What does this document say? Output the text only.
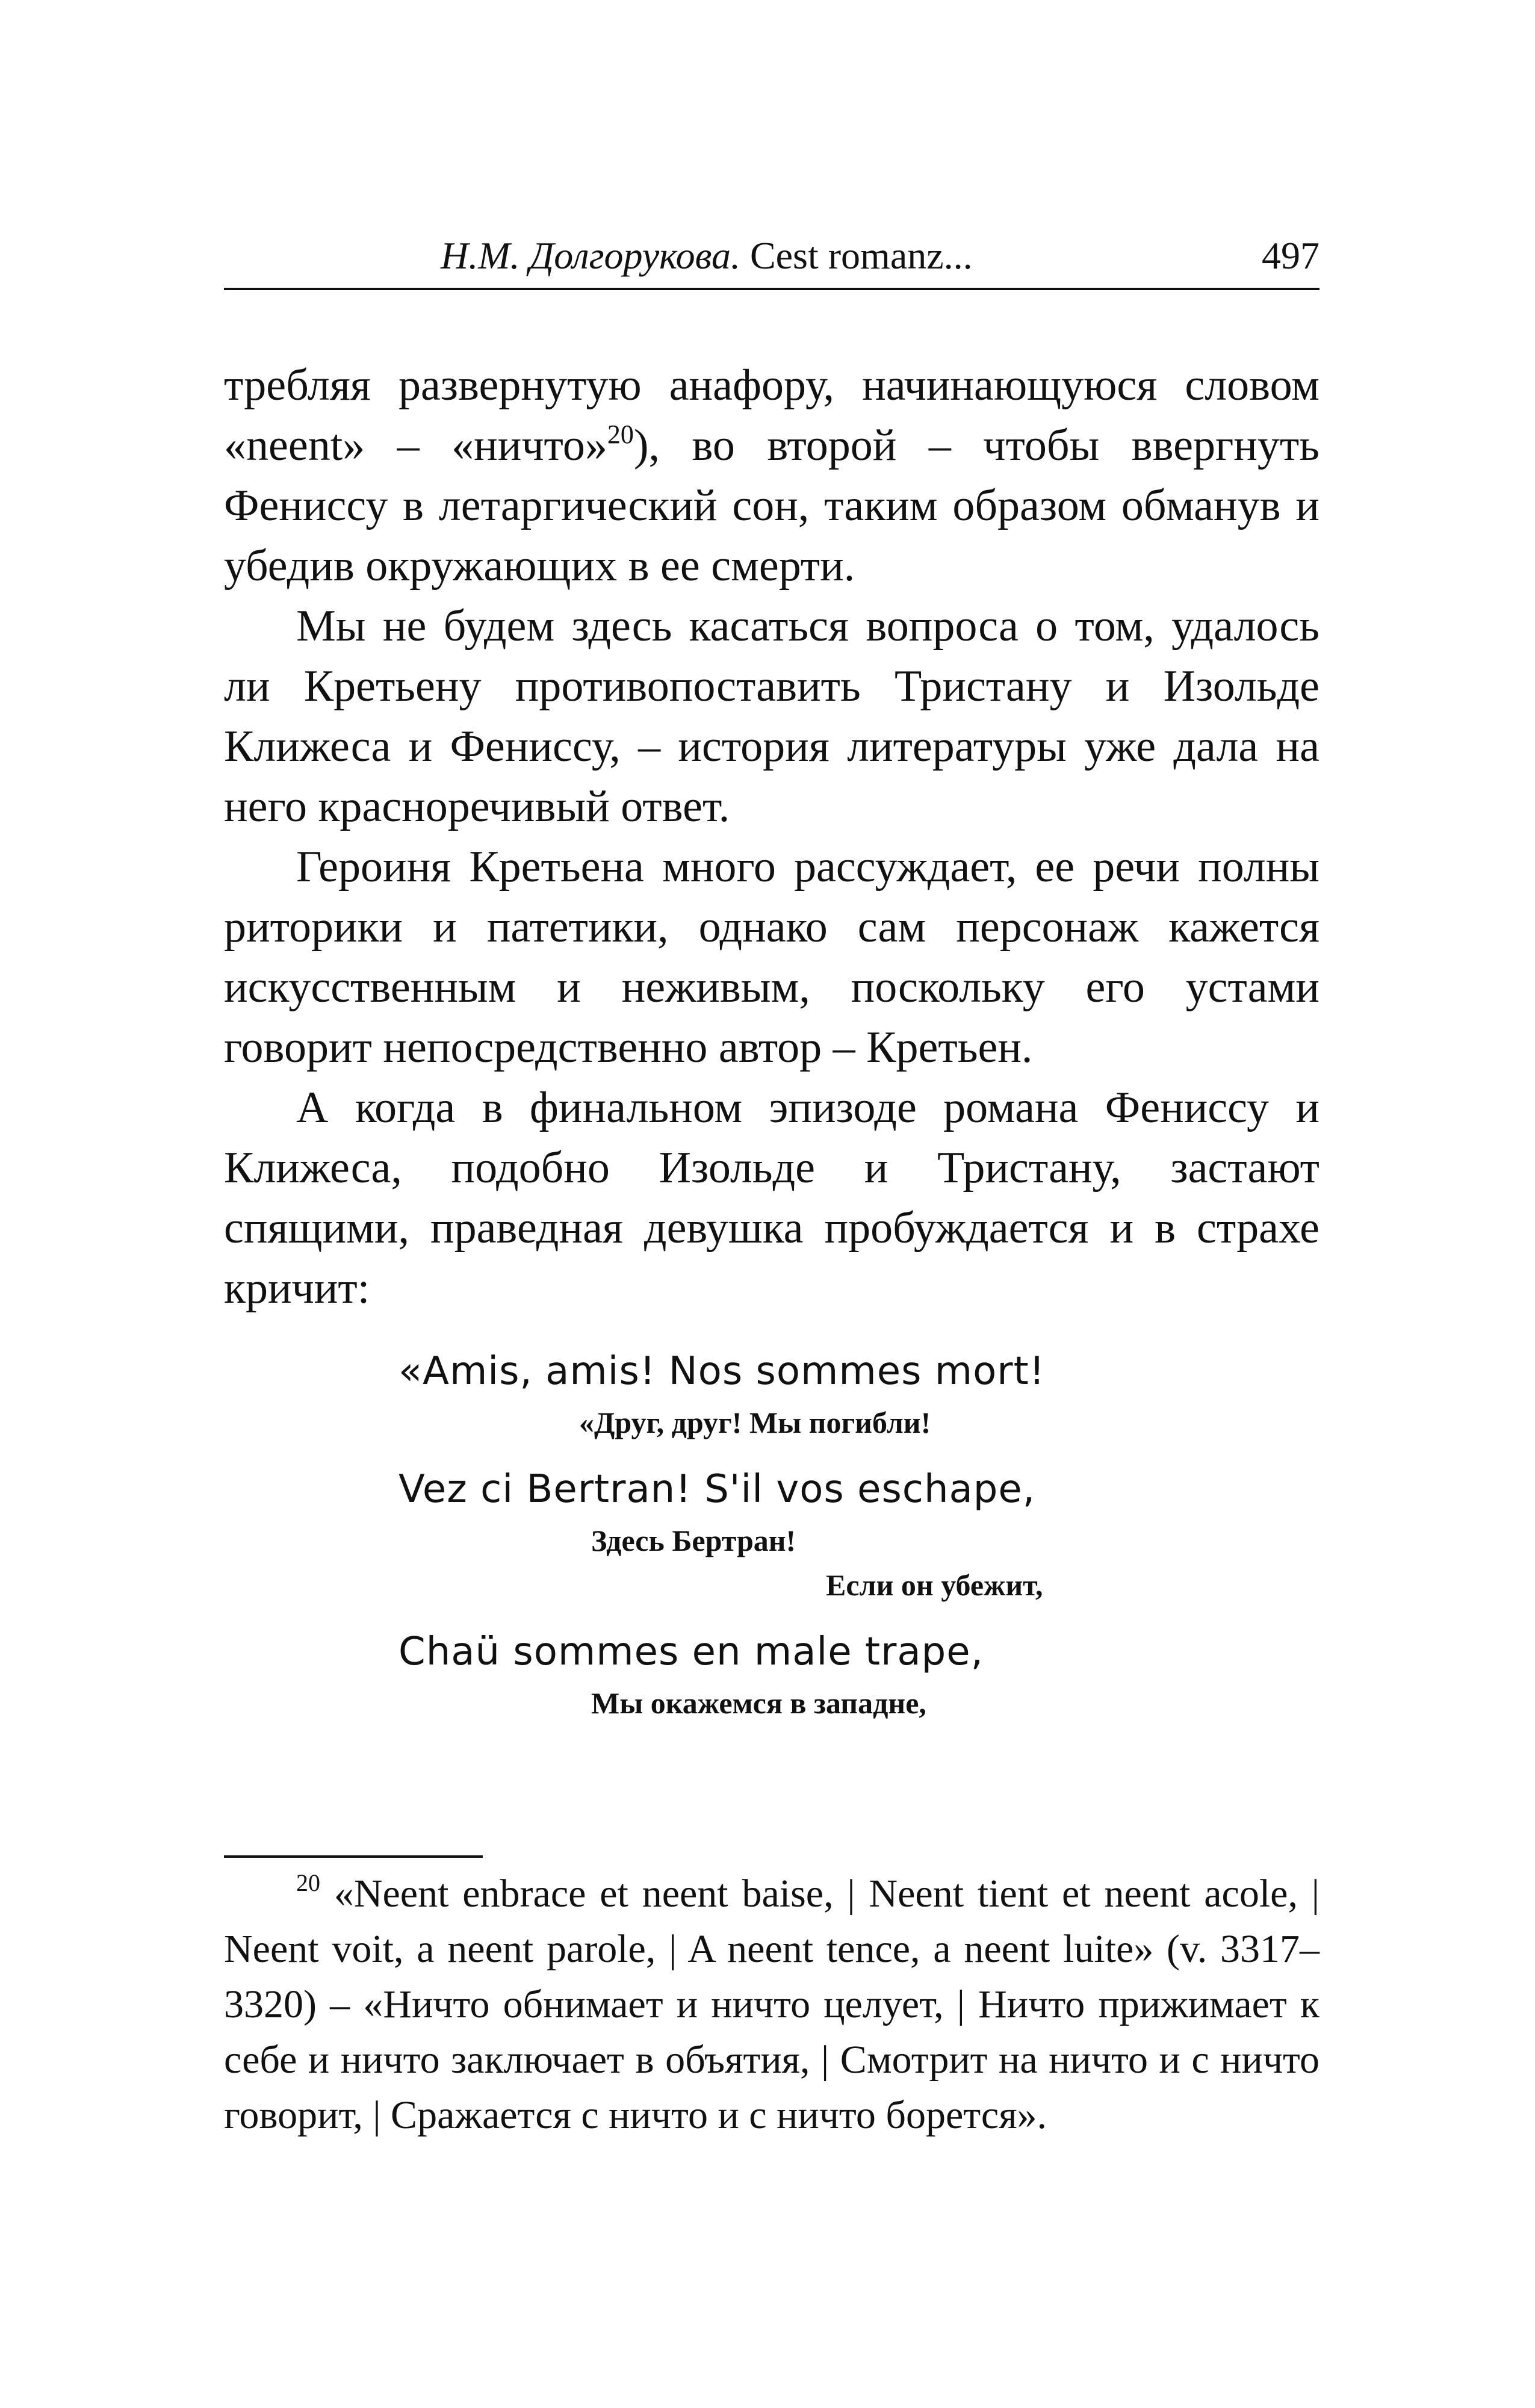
Н.М. Долгорукова. Cest romanz...	497

требляя развернутую анафору, начинающуюся словом «neent» – «ничто»$^{20}$), во второй – чтобы ввергнуть Фениссу в летаргический сон, таким образом обманув и убедив окружающих в ее смерти.

Мы не будем здесь касаться вопроса о том, удалось ли Кретьену противопоставить Тристану и Изольде Клижеса и Фениссу, – история литературы уже дала на него красноречивый ответ.

Героиня Кретьена много рассуждает, ее речи полны риторики и патетики, однако сам персонаж кажется искусственным и неживым, поскольку его устами говорит непосредственно автор – Кретьен.

А когда в финальном эпизоде романа Фениссу и Клижеса, подобно Изольде и Тристану, застают спящими, праведная девушка пробуждается и в страхе кричит:

«Amis, amis! Nos sommes mort!
«Друг, друг! Мы погибли!
Vez ci Bertran! S'il vos eschape,
Здесь Бертран!
Если он убежит,
Chaü sommes en male trape,
Мы окажемся в западне,

$^{20}$ «Neent enbrace et neent baise, | Neent tient et neent acole, | Neent voit, a neent parole, | A neent tence, a neent luite» (v. 3317–3320) – «Ничто обнимает и ничто целует, | Ничто прижимает к себе и ничто заключает в объятия, | Смотрит на ничто и с ничто говорит, | Сражается с ничто и с ничто борется».
